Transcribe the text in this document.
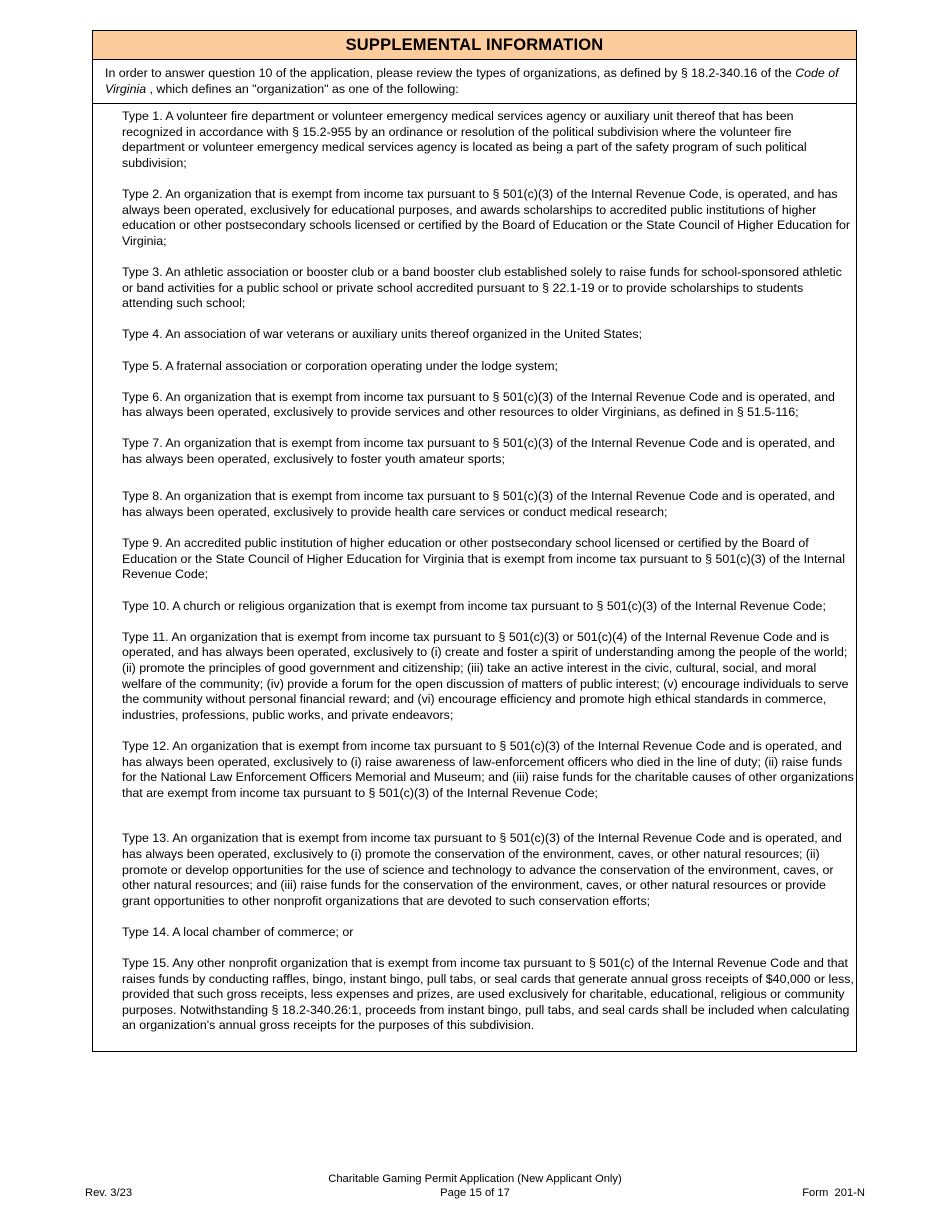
SUPPLEMENTAL INFORMATION
In order to answer question 10 of the application, please review the types of organizations, as defined by § 18.2-340.16 of the Code of Virginia , which defines an "organization" as one of the following:

Type 1. A volunteer fire department or volunteer emergency medical services agency or auxiliary unit thereof that has been recognized in accordance with § 15.2-955 by an ordinance or resolution of the political subdivision where the volunteer fire department or volunteer emergency medical services agency is located as being a part of the safety program of such political subdivision;

Type 2. An organization that is exempt from income tax pursuant to § 501(c)(3) of the Internal Revenue Code, is operated, and has always been operated, exclusively for educational purposes, and awards scholarships to accredited public institutions of higher education or other postsecondary schools licensed or certified by the Board of Education or the State Council of Higher Education for Virginia;

Type 3. An athletic association or booster club or a band booster club established solely to raise funds for school-sponsored athletic or band activities for a public school or private school accredited pursuant to § 22.1-19 or to provide scholarships to students attending such school;

Type 4. An association of war veterans or auxiliary units thereof organized in the United States;

Type 5. A fraternal association or corporation operating under the lodge system;

Type 6. An organization that is exempt from income tax pursuant to § 501(c)(3) of the Internal Revenue Code and is operated, and has always been operated, exclusively to provide services and other resources to older Virginians, as defined in § 51.5-116;

Type 7. An organization that is exempt from income tax pursuant to § 501(c)(3) of the Internal Revenue Code and is operated, and has always been operated, exclusively to foster youth amateur sports;

Type 8. An organization that is exempt from income tax pursuant to § 501(c)(3) of the Internal Revenue Code and is operated, and has always been operated, exclusively to provide health care services or conduct medical research;

Type 9. An accredited public institution of higher education or other postsecondary school licensed or certified by the Board of Education or the State Council of Higher Education for Virginia that is exempt from income tax pursuant to § 501(c)(3) of the Internal Revenue Code;

Type 10. A church or religious organization that is exempt from income tax pursuant to § 501(c)(3) of the Internal Revenue Code;

Type 11. An organization that is exempt from income tax pursuant to § 501(c)(3) or 501(c)(4) of the Internal Revenue Code and is operated, and has always been operated, exclusively to (i) create and foster a spirit of understanding among the people of the world; (ii) promote the principles of good government and citizenship; (iii) take an active interest in the civic, cultural, social, and moral welfare of the community; (iv) provide a forum for the open discussion of matters of public interest; (v) encourage individuals to serve the community without personal financial reward; and (vi) encourage efficiency and promote high ethical standards in commerce, industries, professions, public works, and private endeavors;

Type 12. An organization that is exempt from income tax pursuant to § 501(c)(3) of the Internal Revenue Code and is operated, and has always been operated, exclusively to (i) raise awareness of law-enforcement officers who died in the line of duty; (ii) raise funds for the National Law Enforcement Officers Memorial and Museum; and (iii) raise funds for the charitable causes of other organizations that are exempt from income tax pursuant to § 501(c)(3) of the Internal Revenue Code;

Type 13. An organization that is exempt from income tax pursuant to § 501(c)(3) of the Internal Revenue Code and is operated, and has always been operated, exclusively to (i) promote the conservation of the environment, caves, or other natural resources; (ii) promote or develop opportunities for the use of science and technology to advance the conservation of the environment, caves, or other natural resources; and (iii) raise funds for the conservation of the environment, caves, or other natural resources or provide grant opportunities to other nonprofit organizations that are devoted to such conservation efforts;

Type 14. A local chamber of commerce; or

Type 15. Any other nonprofit organization that is exempt from income tax pursuant to § 501(c) of the Internal Revenue Code and that raises funds by conducting raffles, bingo, instant bingo, pull tabs, or seal cards that generate annual gross receipts of $40,000 or less, provided that such gross receipts, less expenses and prizes, are used exclusively for charitable, educational, religious or community purposes. Notwithstanding § 18.2-340.26:1, proceeds from instant bingo, pull tabs, and seal cards shall be included when calculating an organization's annual gross receipts for the purposes of this subdivision.

Charitable Gaming Permit Application (New Applicant Only)
Page 15 of 17
Rev. 3/23	Form  201-N
